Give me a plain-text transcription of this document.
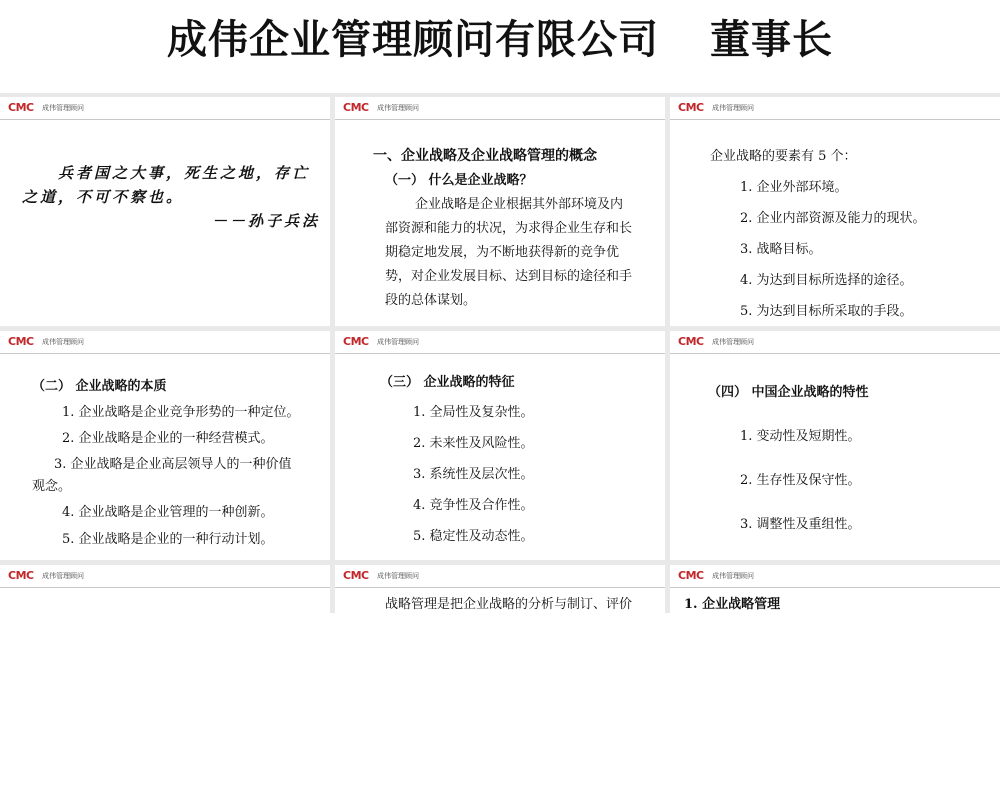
成伟企业管理顾问有限公司 董事长
CMC 成伟管理顾问
兵者国之大事，死生之地，存亡之道，不可不察也。
－－孙子兵法
CMC 成伟管理顾问
一、企业战略及企业战略管理的概念
（一） 什么是企业战略？
企业战略是企业根据其外部环境及内部资源和能力的状况，为求得企业生存和长期稳定地发展，为不断地获得新的竞争优势，对企业发展目标、达到目标的途径和手段的总体谋划。
CMC 成伟管理顾问
企业战略的要素有 5 个：
1. 企业外部环境。
2. 企业内部资源及能力的现状。
3. 战略目标。
4. 为达到目标所选择的途径。
5. 为达到目标所采取的手段。
CMC 成伟管理顾问
（二） 企业战略的本质
1. 企业战略是企业竞争形势的一种定位。
2. 企业战略是企业的一种经营模式。
3. 企业战略是企业高层领导人的一种价值
观念。
4. 企业战略是企业管理的一种创新。
5. 企业战略是企业的一种行动计划。
CMC 成伟管理顾问
（三） 企业战略的特征
1. 全局性及复杂性。
2. 未来性及风险性。
3. 系统性及层次性。
4. 竞争性及合作性。
5. 稳定性及动态性。
CMC 成伟管理顾问
（四） 中国企业战略的特性
1. 变动性及短期性。
2. 生存性及保守性。
3. 调整性及重组性。
CMC 成伟管理顾问	CMC 成伟管理顾问
战略管理是把企业战略的分析与制订、评价
CMC 成伟管理顾问
1. 企业战略管理
